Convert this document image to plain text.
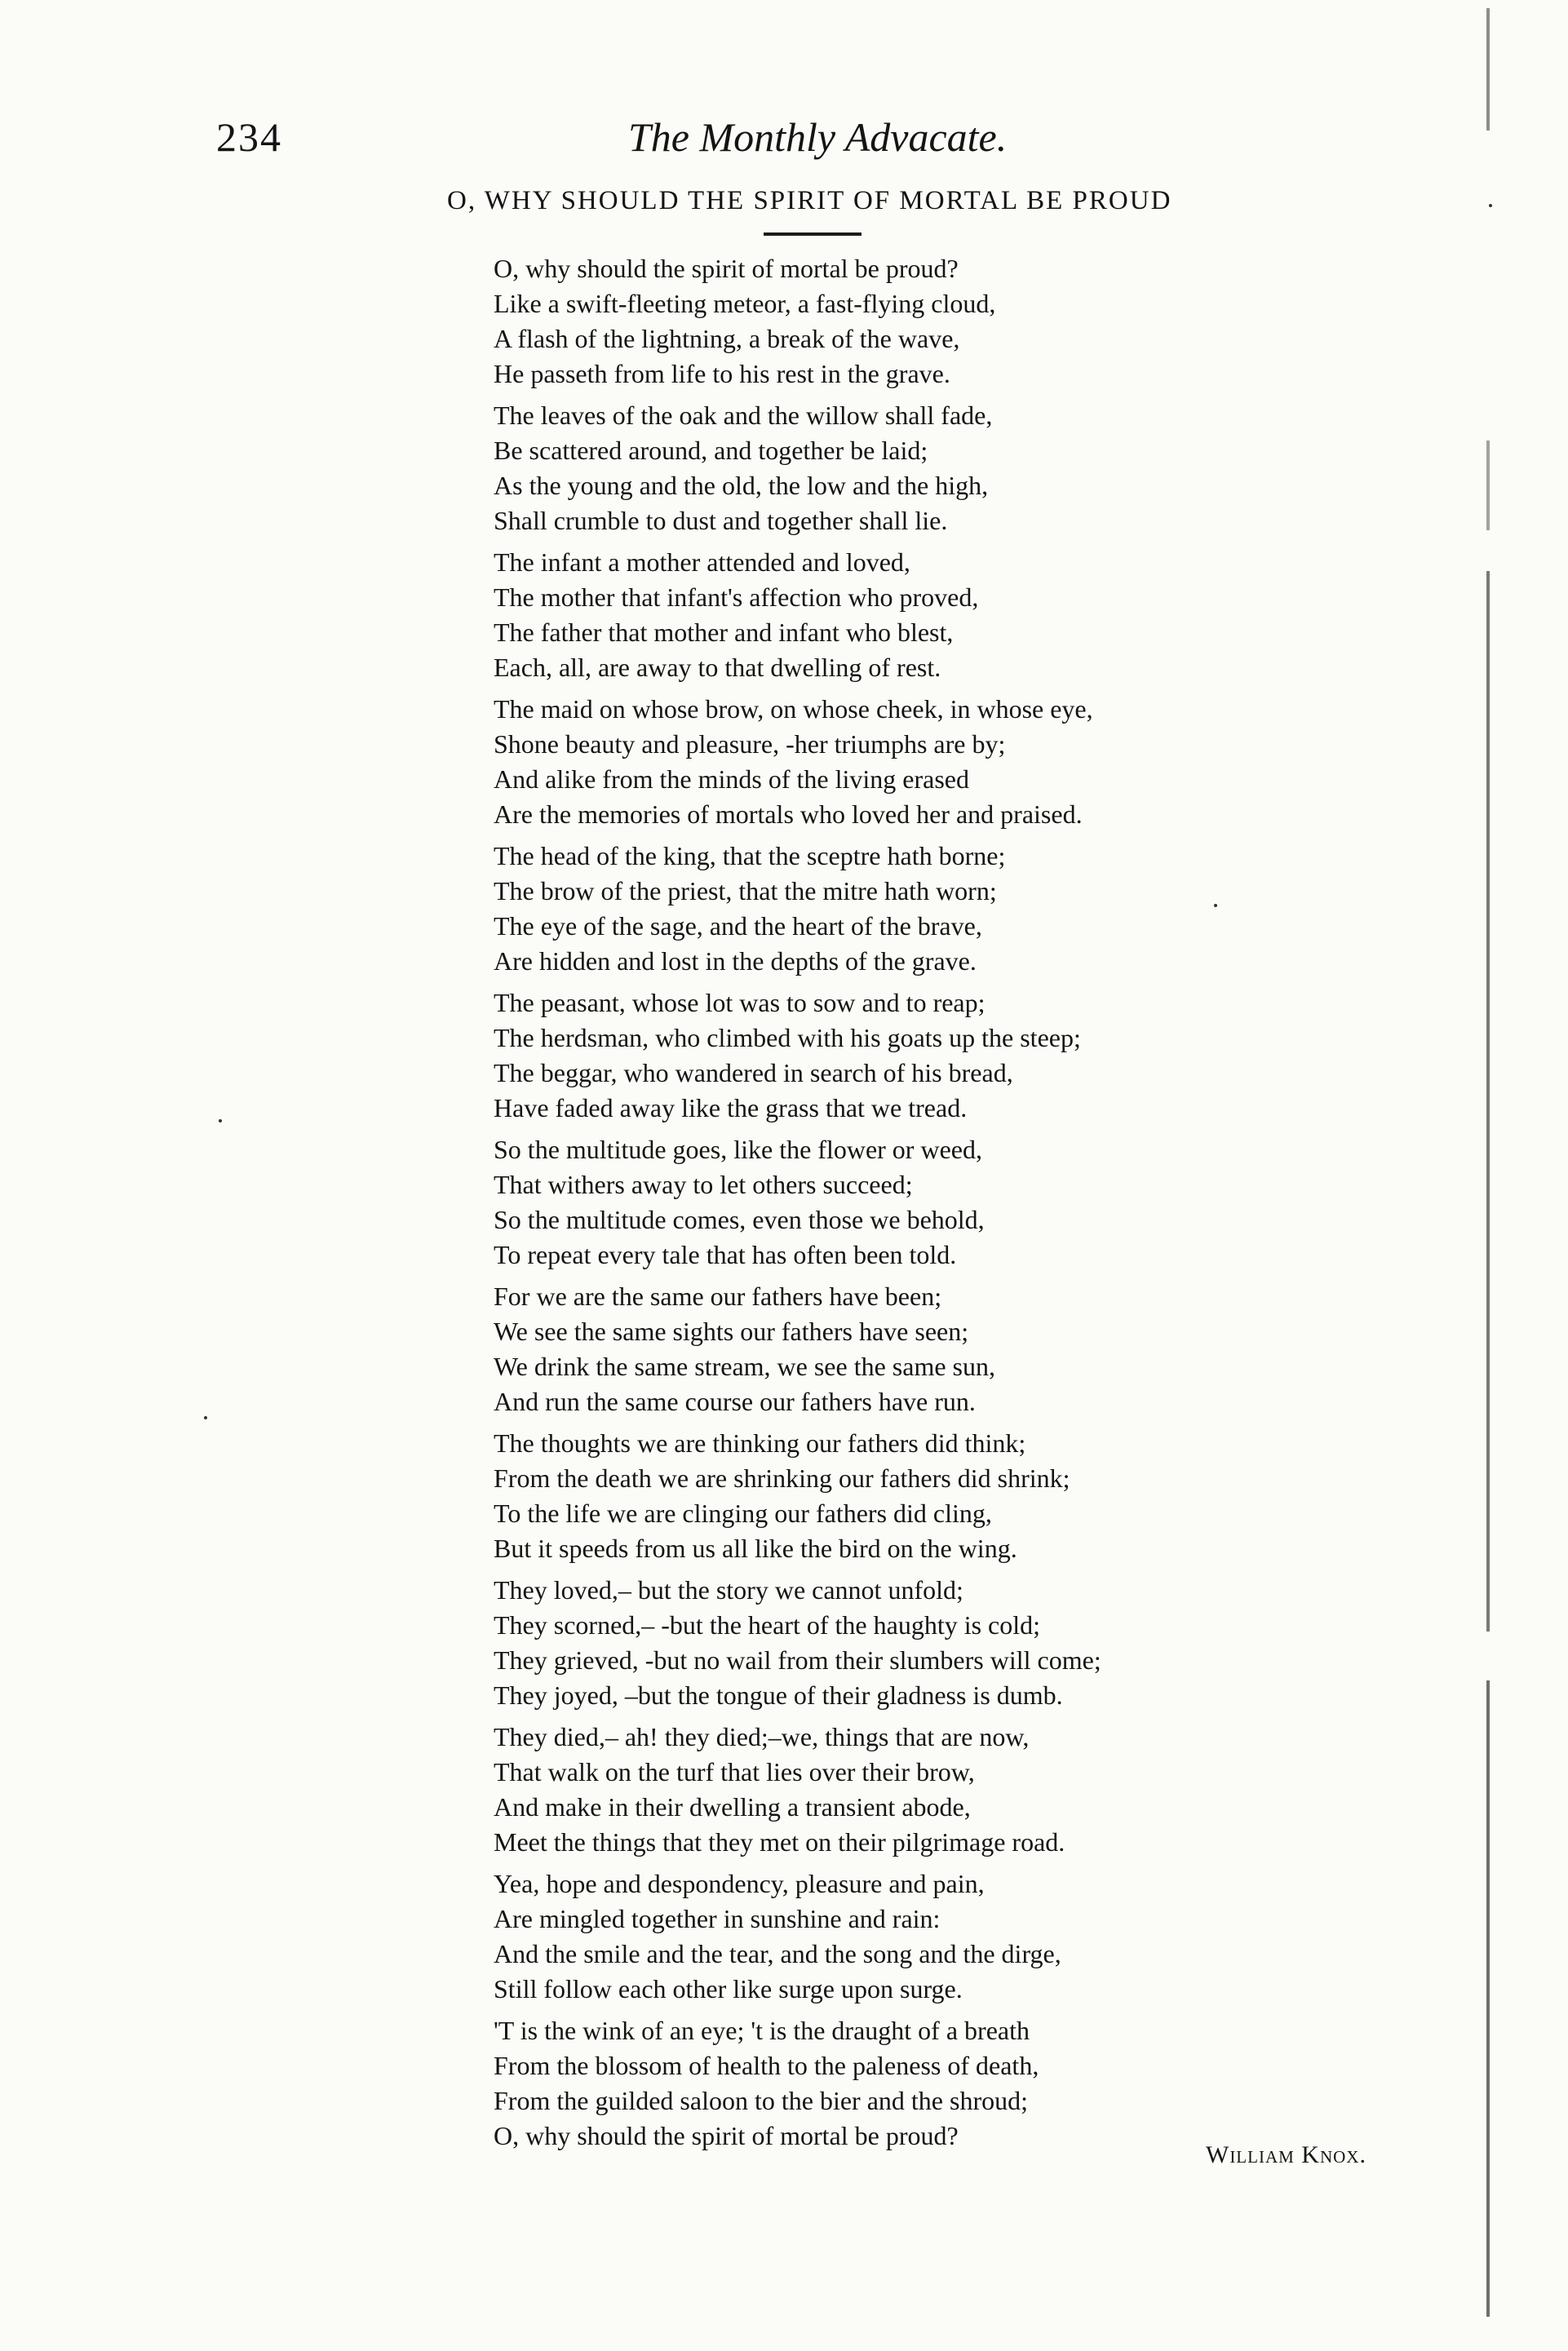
234	The Monthly Advacate.
O, WHY SHOULD THE SPIRIT OF MORTAL BE PROUD
O, why should the spirit of mortal be proud?
Like a swift-fleeting meteor, a fast-flying cloud,
A flash of the lightning, a break of the wave,
He passeth from life to his rest in the grave.
The leaves of the oak and the willow shall fade,
Be scattered around, and together be laid;
As the young and the old, the low and the high,
Shall crumble to dust and together shall lie.
The infant a mother attended and loved,
The mother that infant's affection who proved,
The father that mother and infant who blest,
Each, all, are away to that dwelling of rest.
The maid on whose brow, on whose cheek, in whose eye,
Shone beauty and pleasure, -her triumphs are by;
And alike from the minds of the living erased
Are the memories of mortals who loved her and praised.
The head of the king, that the sceptre hath borne;
The brow of the priest, that the mitre hath worn;
The eye of the sage, and the heart of the brave,
Are hidden and lost in the depths of the grave.
The peasant, whose lot was to sow and to reap;
The herdsman, who climbed with his goats up the steep;
The beggar, who wandered in search of his bread,
Have faded away like the grass that we tread.
So the multitude goes, like the flower or weed,
That withers away to let others succeed;
So the multitude comes, even those we behold,
To repeat every tale that has often been told.
For we are the same our fathers have been;
We see the same sights our fathers have seen;
We drink the same stream, we see the same sun,
And run the same course our fathers have run.
The thoughts we are thinking our fathers did think;
From the death we are shrinking our fathers did shrink;
To the life we are clinging our fathers did cling,
But it speeds from us all like the bird on the wing.
They loved,– but the story we cannot unfold;
They scorned,– -but the heart of the haughty is cold;
They grieved, -but no wail from their slumbers will come;
They joyed, –but the tongue of their gladness is dumb.
They died,– ah! they died;–we, things that are now,
That walk on the turf that lies over their brow,
And make in their dwelling a transient abode,
Meet the things that they met on their pilgrimage road.
Yea, hope and despondency, pleasure and pain,
Are mingled together in sunshine and rain:
And the smile and the tear, and the song and the dirge,
Still follow each other like surge upon surge.
'T is the wink of an eye; 't is the draught of a breath
From the blossom of health to the paleness of death,
From the guilded saloon to the bier and the shroud;
O, why should the spirit of mortal be proud?
William Knox.
